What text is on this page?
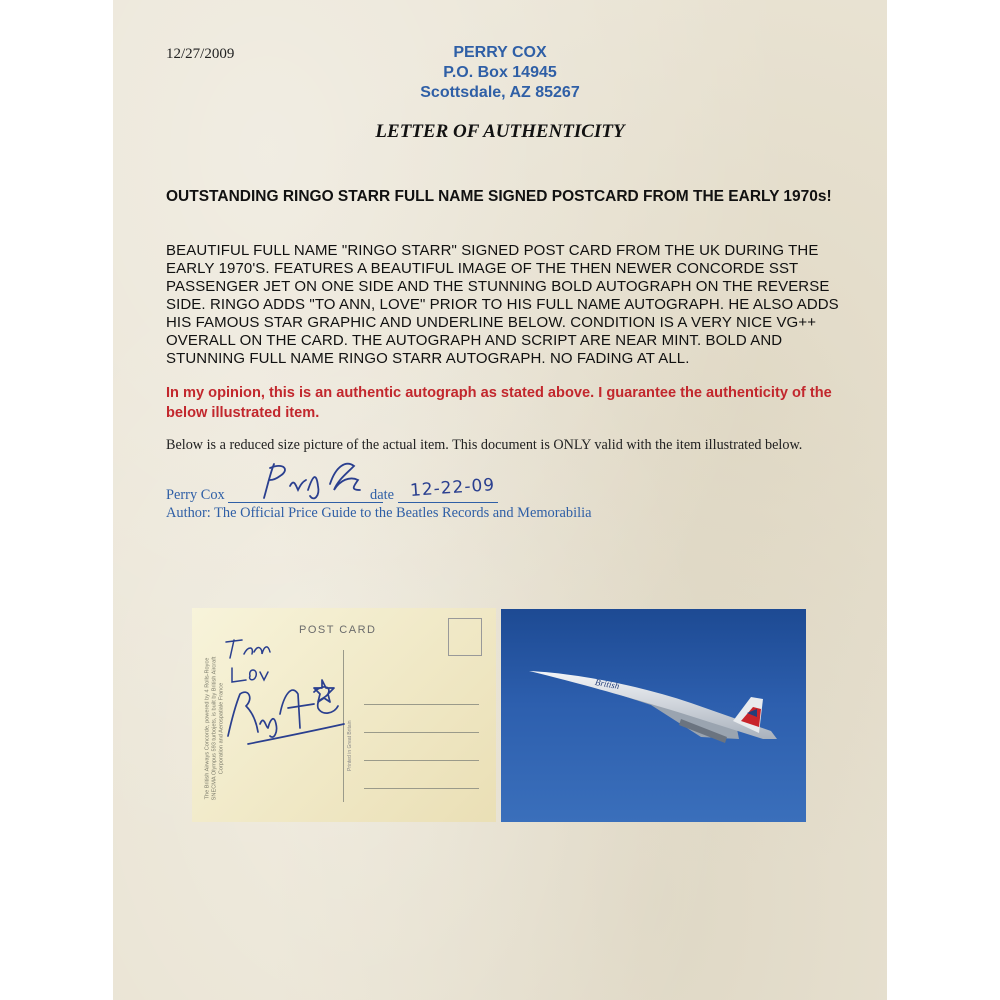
12/27/2009	PERRY COX
P.O. Box 14945
Scottsdale, AZ 85267
LETTER OF AUTHENTICITY
OUTSTANDING RINGO STARR FULL NAME SIGNED POSTCARD FROM THE EARLY 1970s!
BEAUTIFUL FULL NAME "RINGO STARR" SIGNED POST CARD FROM THE UK DURING THE EARLY 1970'S. FEATURES A BEAUTIFUL IMAGE OF THE THEN NEWER CONCORDE SST PASSENGER JET ON ONE SIDE AND THE STUNNING BOLD AUTOGRAPH ON THE REVERSE SIDE. RINGO ADDS "TO ANN, LOVE" PRIOR TO HIS FULL NAME AUTOGRAPH. HE ALSO ADDS HIS FAMOUS STAR GRAPHIC AND UNDERLINE BELOW. CONDITION IS A VERY NICE VG++ OVERALL ON THE CARD. THE AUTOGRAPH AND SCRIPT ARE NEAR MINT. BOLD AND STUNNING FULL NAME RINGO STARR AUTOGRAPH. NO FADING AT ALL.
In my opinion, this is an authentic autograph as stated above. I guarantee the authenticity of the below illustrated item.
Below is a reduced size picture of the actual item. This document is ONLY valid with the item illustrated below.
Perry Cox	date 12-22-09
Author: The Official Price Guide to the Beatles Records and Memorabilia
POST CARD
The British Airways Concorde, powered by 4 Rolls-Royce SNECMA Olympus 593 turbojets, is built by British Aircraft Corporation and Aerospatiale France	Printed in Great Britain
British
